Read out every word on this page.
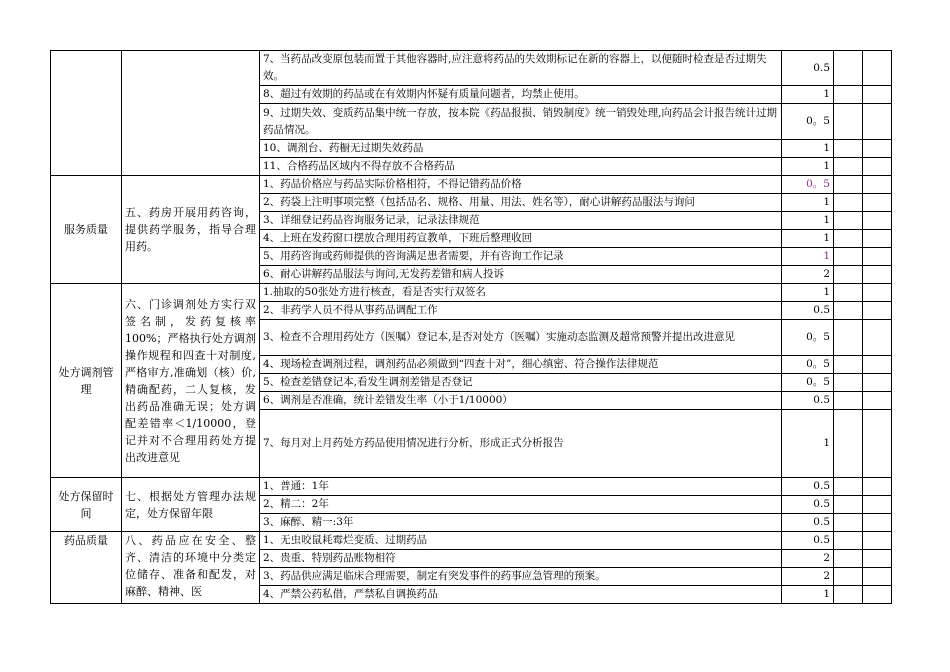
		7、当药品改变原包装而置于其他容器时,应注意将药品的失效期标记在新的容器上，以便随时检查是否过期失效。	0.5		
		8、超过有效期的药品或在有效期内怀疑有质量问题者，均禁止使用。	1		
		9、过期失效、变质药品集中统一存放，按本院《药品报损、销毁制度》统一销毁处理,向药品会计报告统计过期药品情况。	0。5		
		10、调剂台、药橱无过期失效药品	1		
		11、合格药品区域内不得存放不合格药品	1		
服务质量	五、药房开展用药咨询，提供药学服务，指导合理用药。	1、药品价格应与药品实际价格相符，不得记错药品价格	0。5		
		2、药袋上注明事项完整（包括品名、规格、用量、用法、姓名等），耐心讲解药品服法与询问	1		
		3、详细登记药品咨询服务记录，记录法律规范	1		
		4、上班在发药窗口摆放合理用药宣教单，下班后整理收回	1		
		5、用药咨询或药师提供的咨询满足患者需要，并有咨询工作记录	1		
		6、耐心讲解药品服法与询问,无发药差错和病人投诉	2		
处方调剂管理	六、门诊调剂处方实行双签名制，发药复核率100%；严格执行处方调剂操作规程和四查十对制度,严格审方,准确划（核）价,精确配药，二人复核，发出药品准确无误；处方调配差错率＜1/10000，登记并对不合理用药处方提出改进意见	1.抽取的50张处方进行核查，看是否实行双签名	1		
		2、非药学人员不得从事药品调配工作	0.5		
		3、检查不合理用药处方（医嘱）登记本,是否对处方（医嘱）实施动态监测及超常预警并提出改进意见	0。5		
		4、现场检查调剂过程，调剂药品必须做到“四查十对”，细心缜密、符合操作法律规范	0。5		
		5、检查差错登记本,看发生调剂差错是否登记	0。5		
		6、调剂是否准确，统计差错发生率（小于1/10000）	0.5		
		7、每月对上月药处方药品使用情况进行分析，形成正式分析报告	1		
处方保留时间	七、根据处方管理办法规定，处方保留年限	1、普通：1年	0.5		
		2、精二：2年	0.5		
		3、麻醉、精一:3年	0.5		
药品质量	八、药品应在安全、整齐、清洁的环境中分类定位储存、准备和配发，对麻醉、精神、医	1、无虫咬鼠耗霉烂变质、过期药品	0.5		
		2、贵重、特别药品账物相符	2		
		3、药品供应满足临床合理需要，制定有突发事件的药事应急管理的预案。	2		
		4、严禁公药私借，严禁私自调换药品	1		
